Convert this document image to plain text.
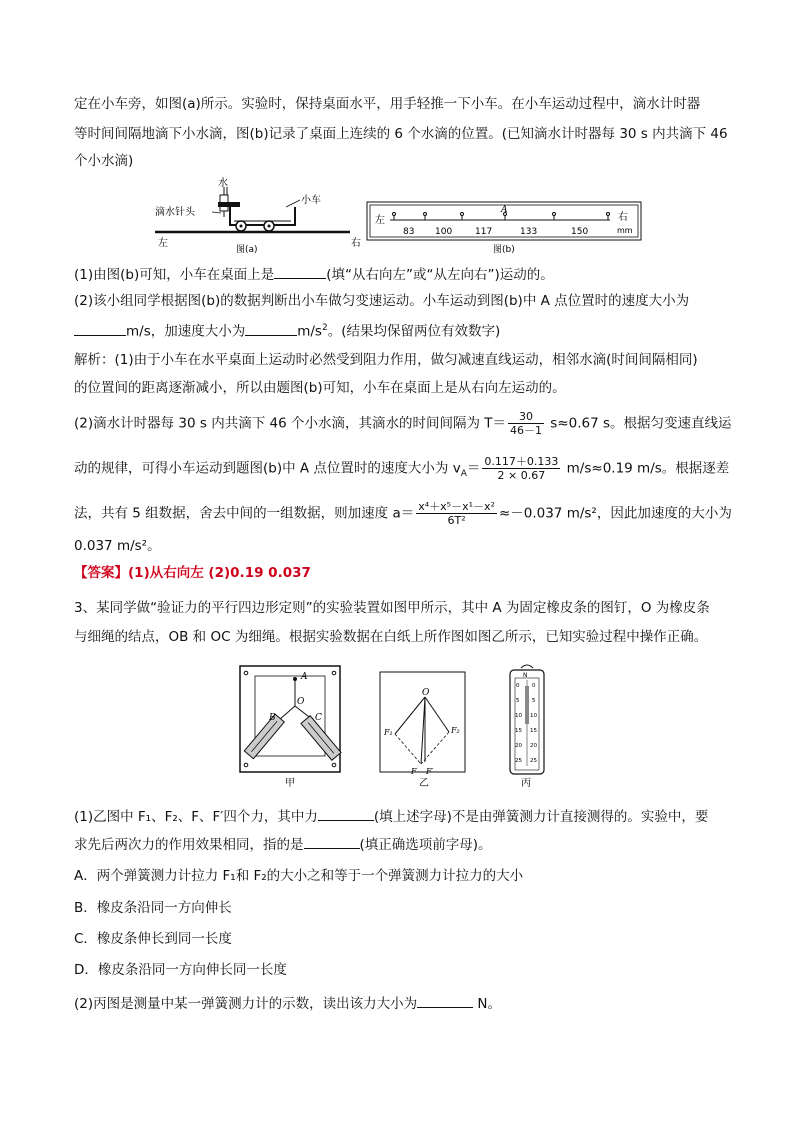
定在小车旁，如图(a)所示。实验时，保持桌面水平，用手轻推一下小车。在小车运动过程中，滴水计时器
等时间间隔地滴下小水滴，图(b)记录了桌面上连续的 6 个水滴的位置。(已知滴水计时器每 30 s 内共滴下 46
个小水滴)
水
滴水针头
小车
左	右
图(a)
左	右
mm
A
83 100	117	133	150
图(b)
(1)由图(b)可知，小车在桌面上是	(填“从右向左”或“从左向右”)运动的。
(2)该小组同学根据图(b)的数据判断出小车做匀变速运动。小车运动到图(b)中 A 点位置时的速度大小为
m/s，加速度大小为	$m/s^2$。(结果均保留两位有效数字)
解析：(1)由于小车在水平桌面上运动时必然受到阻力作用，做匀减速直线运动，相邻水滴(时间间隔相同)
的位置间的距离逐渐减小，所以由题图(b)可知，小车在桌面上是从右向左运动的。
(2)滴水计时器每 30 s 内共滴下 46 个小水滴，其滴水的时间间隔为 $T= \frac{30}{46-1} s\approx 0.67$ s。根据匀变速直线运
动的规律，可得小车运动到题图(b)中 A 点位置时的速度大小为 $v_A= \frac{0.117+0.133}{2 \times 0.67} m/s\approx 0.19$ m/s。根据逐差
法，共有 5 组数据，舍去中间的一组数据，则加速度 $a= \frac{\text{x⁴＋x⁵－x¹－x²}}{\text{6T²}} \approx-0.037$ m/s²，因此加速度的大小为
0.037 m/s²。
【答案】(1)从右向左 (2)0.19 0.037
3、某同学做“验证力的平行四边形定则”的实验装置如图甲所示，其中 A 为固定橡皮条的图钉，O 为橡皮条
与细绳的结点，OB 和 OC 为细绳。根据实验数据在白纸上所作图如图乙所示，已知实验过程中操作正确。
A
O
B	C
甲
O
F₁	F₂
F F′
乙
N
0
5
10
15
20
25
0
5
10
15
20
25
丙
(1)乙图中 F₁、F₂、F、F′四个力，其中力	(填上述字母)不是由弹簧测力计直接测得的。实验中，要
求先后两次力的作用效果相同，指的是	(填正确选项前字母)。
A．两个弹簧测力计拉力 F₁和 F₂的大小之和等于一个弹簧测力计拉力的大小
B．橡皮条沿同一方向伸长
C．橡皮条伸长到同一长度
D．橡皮条沿同一方向伸长同一长度
(2)丙图是测量中某一弹簧测力计的示数，读出该力大小为	N。
